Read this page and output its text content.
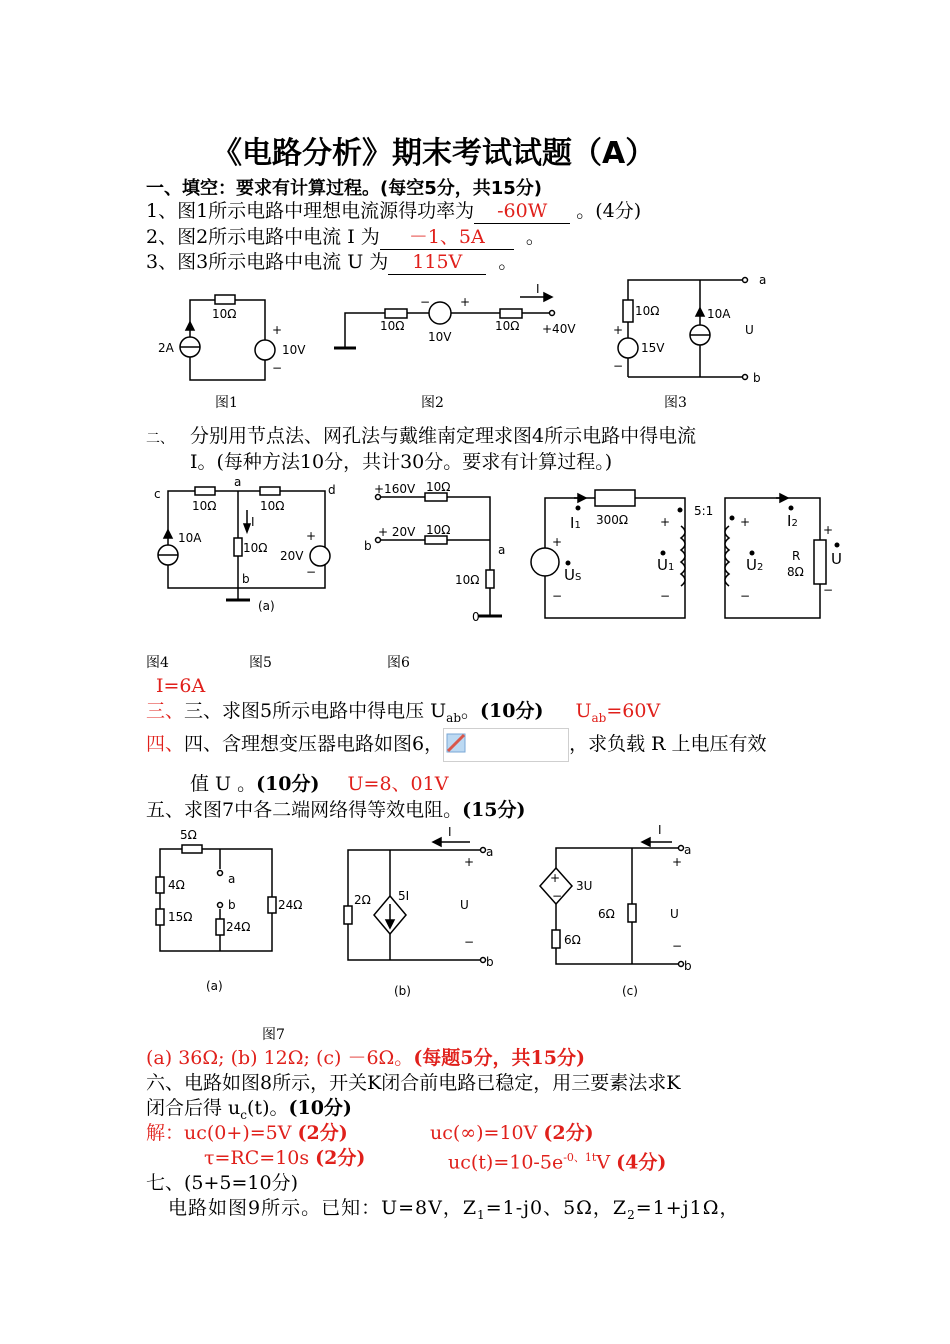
《电路分析》期末考试试题（A）
一、填空：要求有计算过程。(每空5分，共15分)
1、图1所示电路中理想电流源得功率为 -60W 。(4分)
2、图2所示电路中电流 I 为 －1、5A 。
3、图3所示电路中电流 U 为 115V 。
10Ω
2A	10V
+
−
图1
10Ω
10V
10Ω
I
+40V
− +
图2
10Ω
15V
10A
U
a
b
+
−
图3
二、 分别用节点法、网孔法与戴维南定理求图4所示电路中得电流
I。(每种方法10分，共计30分。要求有计算过程。)
c
a
d
b
10Ω	10Ω
10Ω
10A
20V
I
(a)
+
−
+160V 10Ω
+ 20V 10Ω
a
b
10Ω
0
300Ω
5:1
I1	I2
US
U1	U2
R
8Ω
U
+	+
+
−	−	−
−
+
图4	图5	图6
I=6A
三、三、求图5所示电路中得电压 $U_{ab}$。(10分) $U_{ab}=60V$
四、四、含理想变压器电路如图6，	，求负载 R 上电压有效
值 U 。(10分) U=8、01V
五、求图7中各二端网络得等效电阻。(15分)
5Ω
4Ω
15Ω
24Ω
24Ω
a
b
(a)
2Ω 5I
I
U
a
b
+
−
(b)
+
−
3U
6Ω
6Ω
I
U
a
b
+
−
(c)
图7
(a) 36Ω; (b) 12Ω; (c) －6Ω。(每题5分，共15分)
六、电路如图8所示，开关K闭合前电路已稳定，用三要素法求K
闭合后得 $u_c(t)$。(10分)
解：uc(0+)=5V (2分)	uc(∞)=10V (2分)
τ=RC=10s (2分)	$uc(t)=10-5e^{-0、1t}V$ (4分)
七、(5+5=10分)
电路如图9所示。已知：U=8V，$Z_1=1-j0$、5Ω，$Z_2=1+j1\Omega$，
